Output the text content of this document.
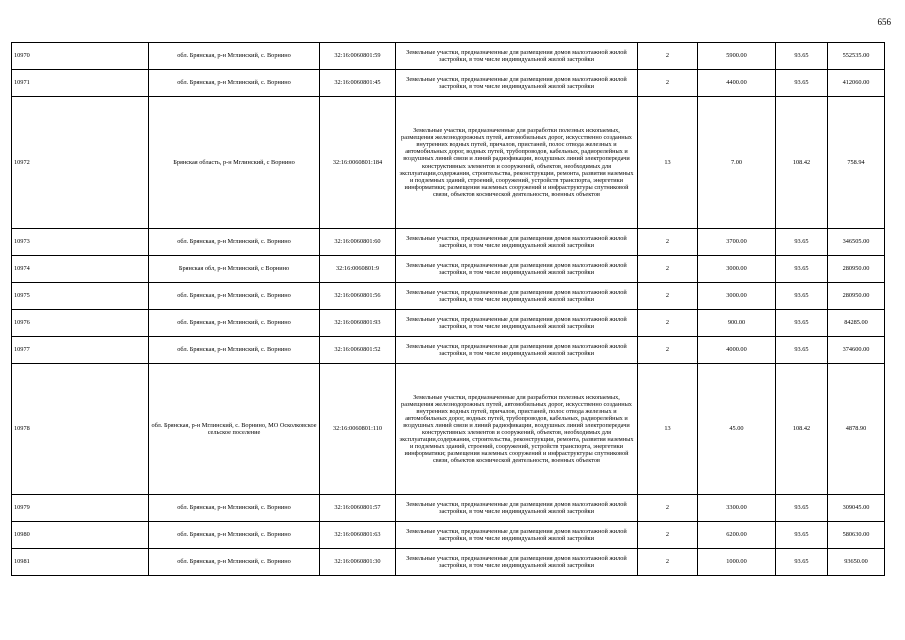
656
10970	обл. Брянская, р-н Мглинский, с. Ворнино	32:16:0060801:59	Земельные участки, предназначенные для размещения домов малоэтажной жилой застройки, в том числе индивидуальной жилой застройки	2	5900.00	93.65	552535.00
10971	обл. Брянская, р-н Мглинский, с. Ворнино	32:16:0060801:45	Земельные участки, предназначенные для размещения домов малоэтажной жилой застройки, в том числе индивидуальной жилой застройки	2	4400.00	93.65	412060.00
10972	Брянская область, р-н Мглинский, с Ворнино	32:16:0060801:184	Земельные участки, предназначенные для разработки полезных ископаемых, размещения железнодорожных путей, автомобильных дорог, искусственно созданных внутренних водных путей, причалов, пристаней, полос отвода железных и автомобильных дорог, водных путей, трубопроводов, кабельных, радиорелейных и воздушных линий связи и линий радиофикации, воздушных линий электропередачи конструктивных элементов и сооружений, объектов, необходимых для эксплуатации,содержания, строительства, реконструкции, ремонта, развития наземных и подземных зданий, строений, сооружений, устройств транспорта, энергетики иинформатики; размещения наземных сооружений и инфраструктуры спутниковой связи, объектов космической деятельности, военных объектов	13	7.00	108.42	758.94
10973	обл. Брянская, р-н Мглинский, с. Ворнино	32:16:0060801:60	Земельные участки, предназначенные для размещения домов малоэтажной жилой застройки, в том числе индивидуальной жилой застройки	2	3700.00	93.65	346505.00
10974	Брянская обл, р-н Мглинский, с Ворнино	32:16:0060801:9	Земельные участки, предназначенные для размещения домов малоэтажной жилой застройки, в том числе индивидуальной жилой застройки	2	3000.00	93.65	280950.00
10975	обл. Брянская, р-н Мглинский, с. Ворнино	32:16:0060801:56	Земельные участки, предназначенные для размещения домов малоэтажной жилой застройки, в том числе индивидуальной жилой застройки	2	3000.00	93.65	280950.00
10976	обл. Брянская, р-н Мглинский, с. Ворнино	32:16:0060801:93	Земельные участки, предназначенные для размещения домов малоэтажной жилой застройки, в том числе индивидуальной жилой застройки	2	900.00	93.65	84285.00
10977	обл. Брянская, р-н Мглинский, с. Ворнино	32:16:0060801:52	Земельные участки, предназначенные для размещения домов малоэтажной жилой застройки, в том числе индивидуальной жилой застройки	2	4000.00	93.65	374600.00
10978	обл. Брянская, р-н Мглинский, с. Ворнино, МО Осколковское сельское поселение	32:16:0060801:110	Земельные участки, предназначенные для разработки полезных ископаемых, размещения железнодорожных путей, автомобильных дорог, искусственно созданных внутренних водных путей, причалов, пристаней, полос отвода железных и автомобильных дорог, водных путей, трубопроводов, кабельных, радиорелейных и воздушных линий связи и линий радиофикации, воздушных линий электропередачи конструктивных элементов и сооружений, объектов, необходимых для эксплуатации,содержания, строительства, реконструкции, ремонта, развития наземных и подземных зданий, строений, сооружений, устройств транспорта, энергетики иинформатики; размещения наземных сооружений и инфраструктуры спутниковой связи, объектов космической деятельности, военных объектов	13	45.00	108.42	4878.90
10979	обл. Брянская, р-н Мглинский, с. Ворнино	32:16:0060801:57	Земельные участки, предназначенные для размещения домов малоэтажной жилой застройки, в том числе индивидуальной жилой застройки	2	3300.00	93.65	309045.00
10980	обл. Брянская, р-н Мглинский, с. Ворнино	32:16:0060801:63	Земельные участки, предназначенные для размещения домов малоэтажной жилой застройки, в том числе индивидуальной жилой застройки	2	6200.00	93.65	580630.00
10981	обл. Брянская, р-н Мглинский, с. Ворнино	32:16:0060801:30	Земельные участки, предназначенные для размещения домов малоэтажной жилой застройки, в том числе индивидуальной жилой застройки	2	1000.00	93.65	93650.00
